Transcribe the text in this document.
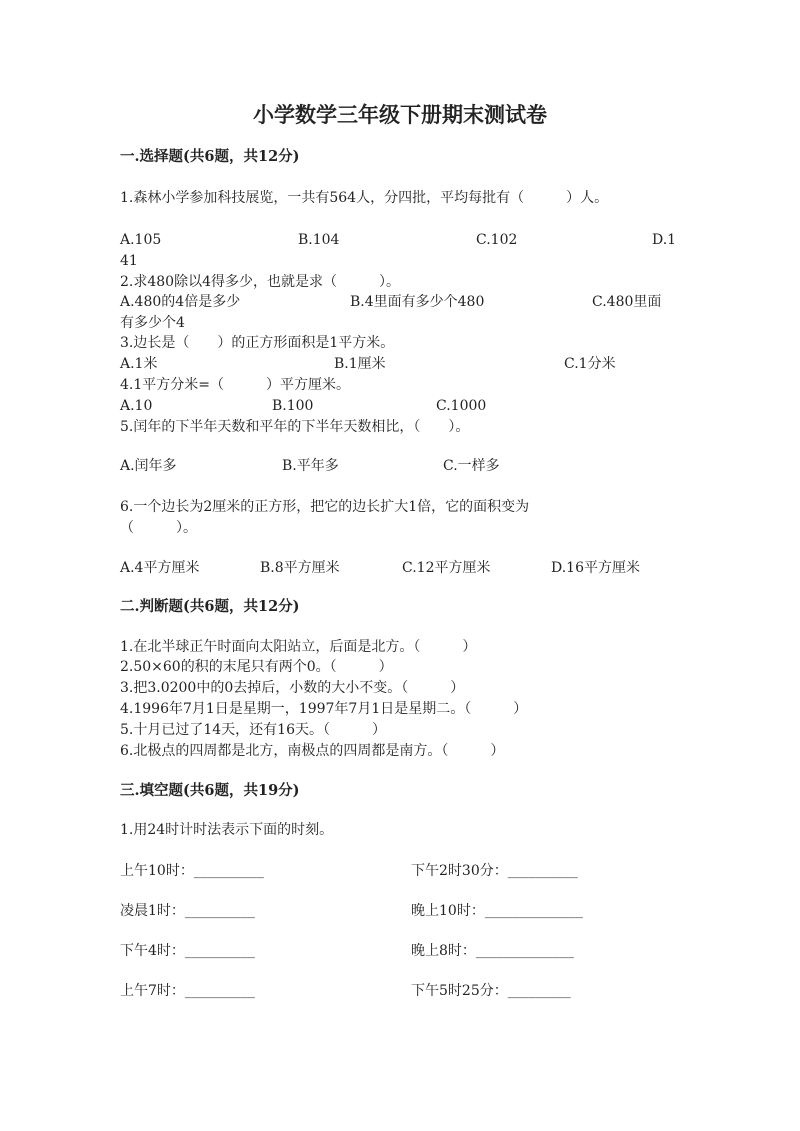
小学数学三年级下册期末测试卷
一.选择题(共6题，共12分)
1.森林小学参加科技展览，一共有564人，分四批，平均每批有（　　　）人。
A.105	B.104	C.102	D.1
41
2.求480除以4得多少，也就是求（　　　）。
A.480的4倍是多少	B.4里面有多少个480	C.480里面
有多少个4
3.边长是（　　）的正方形面积是1平方米。
A.1米	B.1厘米	C.1分米
4.1平方分米=（　　　）平方厘米。
A.10	B.100	C.1000
5.闰年的下半年天数和平年的下半年天数相比，（　　）。
A.闰年多	B.平年多	C.一样多
6.一个边长为2厘米的正方形，把它的边长扩大1倍，它的面积变为
（　　　）。
A.4平方厘米	B.8平方厘米	C.12平方厘米	D.16平方厘米
二.判断题(共6题，共12分)
1.在北半球正午时面向太阳站立，后面是北方。（　　　）
2.50×60的积的末尾只有两个0。（　　　）
3.把3.0200中的0去掉后，小数的大小不变。（　　　）
4.1996年7月1日是星期一，1997年7月1日是星期二。（　　　）
5.十月已过了14天，还有16天。（　　　）
6.北极点的四周都是北方，南极点的四周都是南方。（　　　）
三.填空题(共6题，共19分)
1.用24时计时法表示下面的时刻。
上午10时：__________	下午2时30分：__________
凌晨1时：__________	晚上10时：______________
下午4时：__________	晚上8时：______________
上午7时：__________	下午5时25分：_________
